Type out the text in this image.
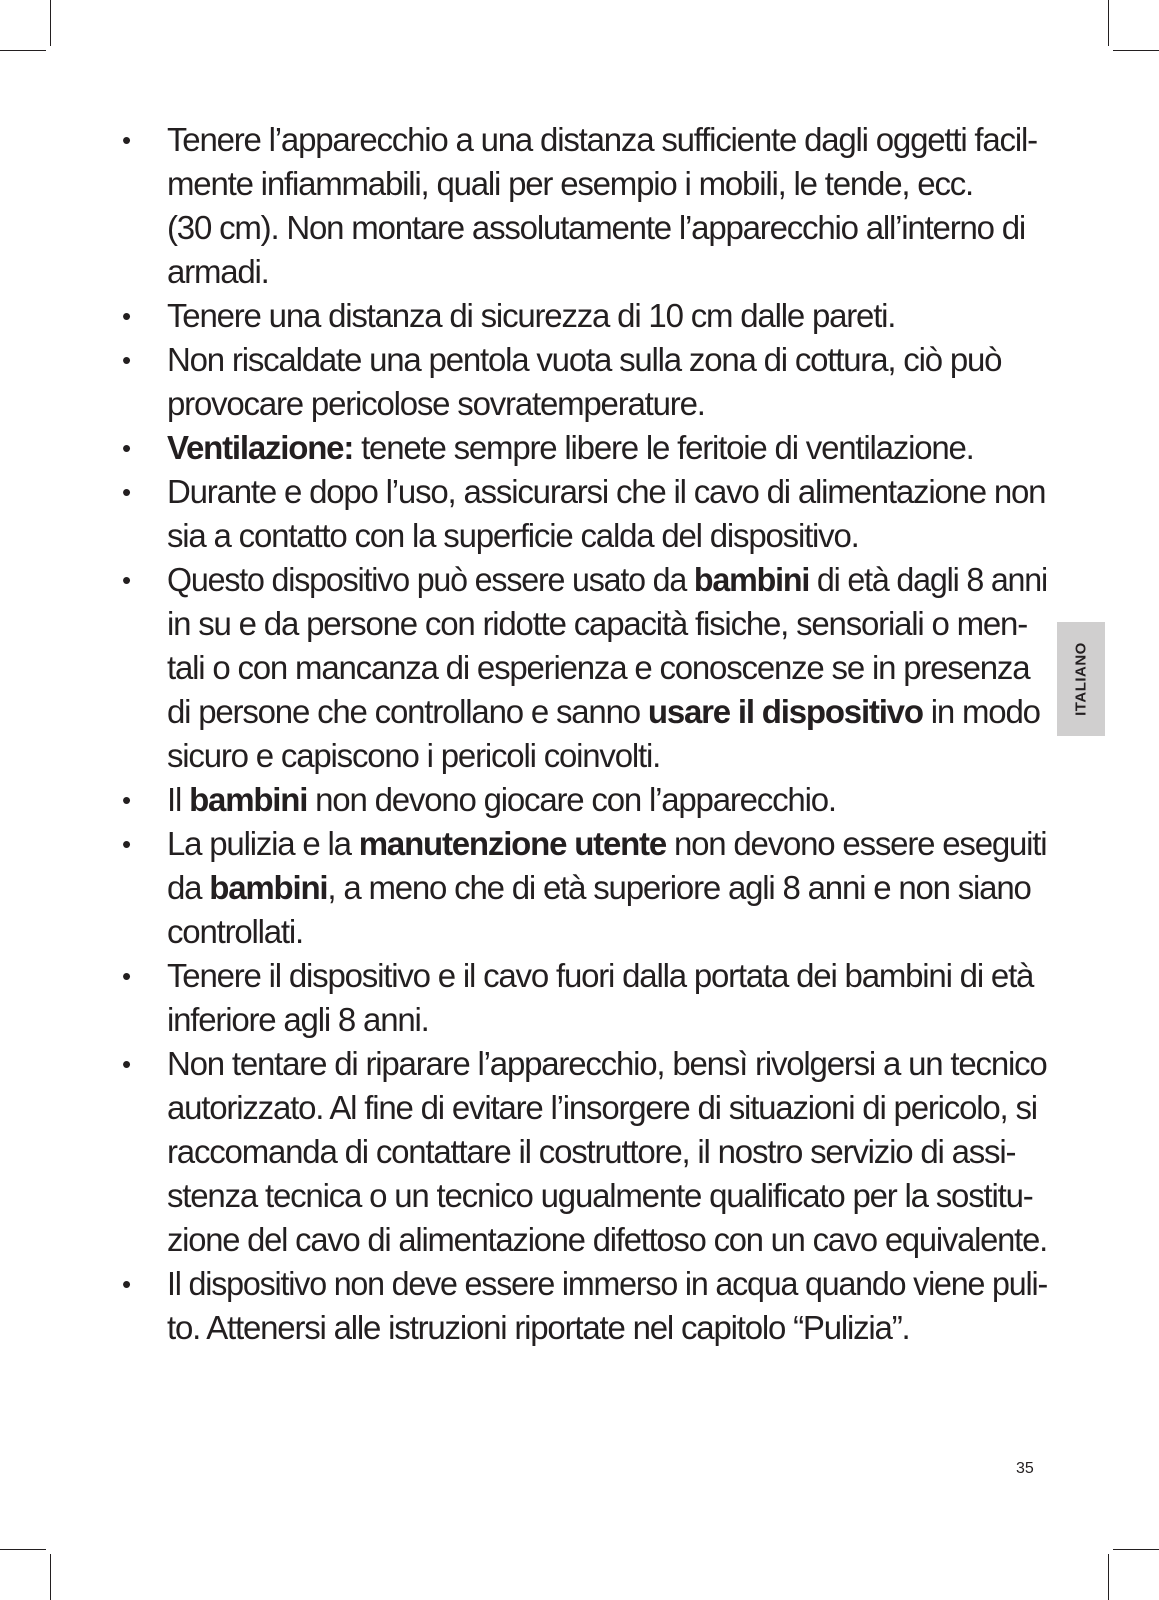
• Tenere l’apparecchio a una distanza sufficiente dagli oggetti facil-
mente infiammabili, quali per esempio i mobili, le tende, ecc.
(30 cm). Non montare assolutamente l’apparecchio all’interno di
armadi.
• Tenere una distanza di sicurezza di 10 cm dalle pareti.
• Non riscaldate una pentola vuota sulla zona di cottura, ciò può
provocare pericolose sovratemperature.
• Ventilazione: tenete sempre libere le feritoie di ventilazione.
• Durante e dopo l’uso, assicurarsi che il cavo di alimentazione non
sia a contatto con la superficie calda del dispositivo.
• Questo dispositivo può essere usato da bambini di età dagli 8 anni
in su e da persone con ridotte capacità fisiche, sensoriali o men-
tali o con mancanza di esperienza e conoscenze se in presenza
di persone che controllano e sanno usare il dispositivo in modo
sicuro e capiscono i pericoli coinvolti.
• Il bambini non devono giocare con l’apparecchio.
• La pulizia e la manutenzione utente non devono essere eseguiti
da bambini, a meno che di età superiore agli 8 anni e non siano
controllati.
• Tenere il dispositivo e il cavo fuori dalla portata dei bambini di età
inferiore agli 8 anni.
• Non tentare di riparare l’apparecchio, bensì rivolgersi a un tecnico
autorizzato. Al fine di evitare l’insorgere di situazioni di pericolo, si
raccomanda di contattare il costruttore, il nostro servizio di assi-
stenza tecnica o un tecnico ugualmente qualificato per la sostitu-
zione del cavo di alimentazione difettoso con un cavo equivalente.
• Il dispositivo non deve essere immerso in acqua quando viene puli-
to. Attenersi alle istruzioni riportate nel capitolo “Pulizia”.
ITALIANO
35
